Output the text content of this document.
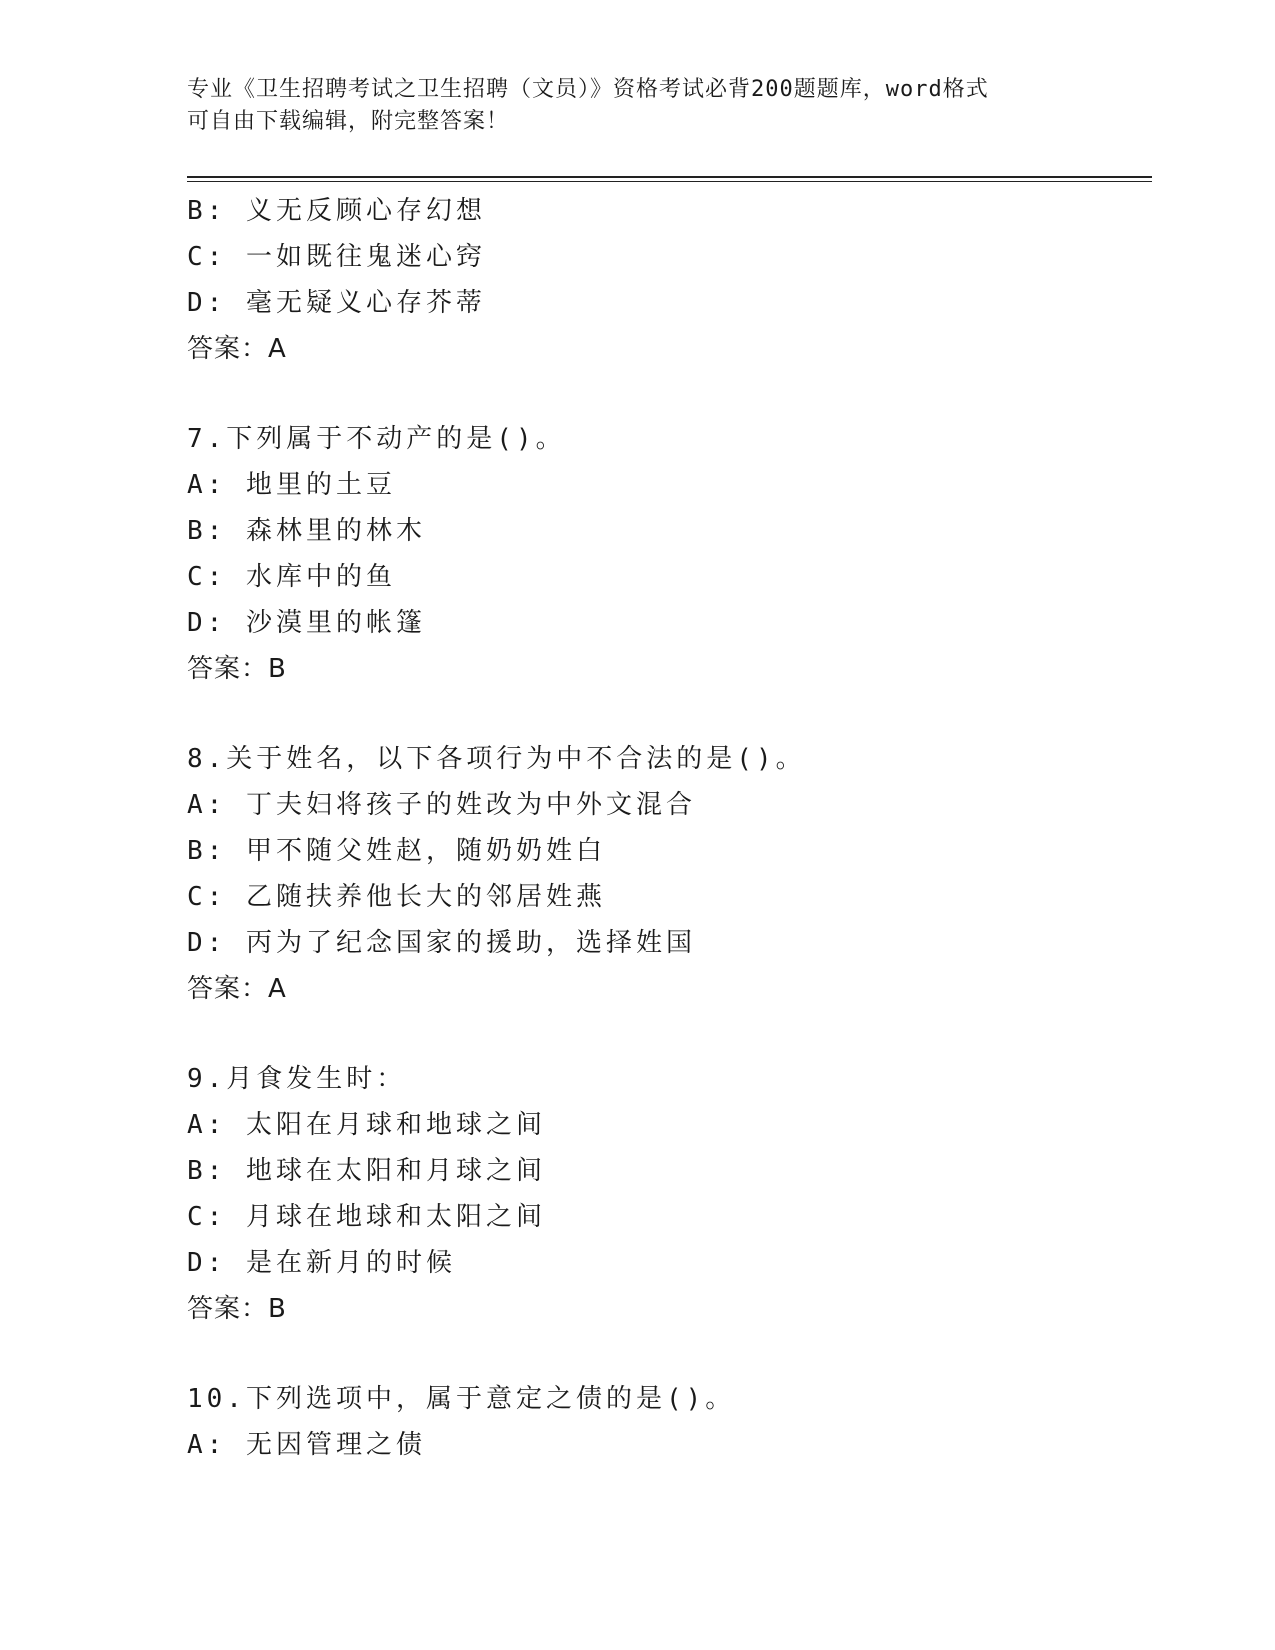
专业《卫生招聘考试之卫生招聘（文员）》资格考试必背200题题库，word格式
可自由下载编辑，附完整答案！
B: 义无反顾心存幻想
C: 一如既往鬼迷心窍
D: 毫无疑义心存芥蒂
答案：A
7.下列属于不动产的是()。
A: 地里的土豆
B: 森林里的林木
C: 水库中的鱼
D: 沙漠里的帐篷
答案：B
8.关于姓名，以下各项行为中不合法的是()。
A: 丁夫妇将孩子的姓改为中外文混合
B: 甲不随父姓赵，随奶奶姓白
C: 乙随扶养他长大的邻居姓燕
D: 丙为了纪念国家的援助，选择姓国
答案：A
9.月食发生时：
A: 太阳在月球和地球之间
B: 地球在太阳和月球之间
C: 月球在地球和太阳之间
D: 是在新月的时候
答案：B
10.下列选项中，属于意定之债的是()。
A: 无因管理之债
